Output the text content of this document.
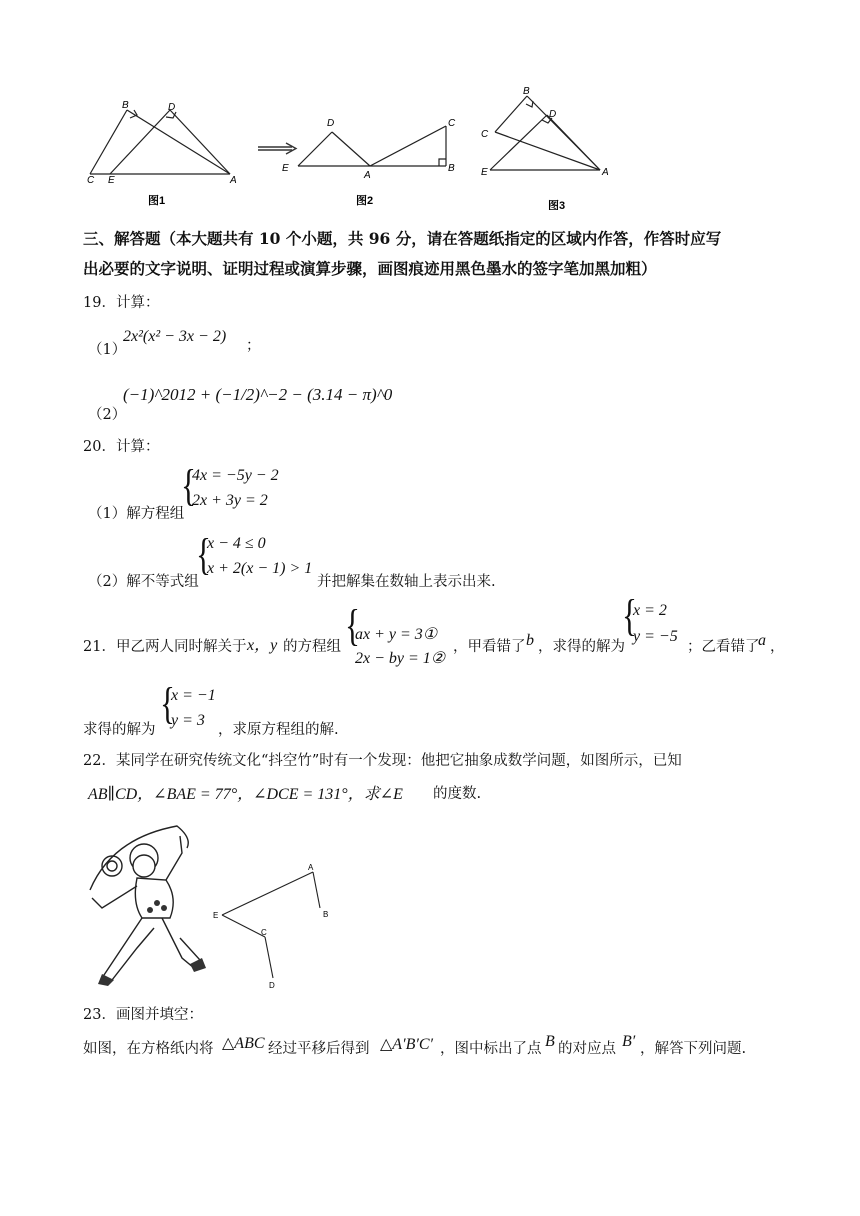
B	D
C E	A
图1
D	C
E
A
B
图2
B
D
C
E	A
图3
三、解答题（本大题共有 10 个小题，共 96 分，请在答题纸指定的区域内作答，作答时应写
出必要的文字说明、证明过程或演算步骤，画图痕迹用黑色墨水的签字笔加黑加粗）
19．计算：
（1）
2x²(x² − 3x − 2)
；
（2）
(−1)^2012 + (−1/2)^−2 − (3.14 − π)^0
20．计算：
（1）解方程组
{
4x = −5y − 2
2x + 3y = 2
（2）解不等式组
{
x − 4 ≤ 0
x + 2(x − 1) > 1
并把解集在数轴上表示出来.
21．甲乙两人同时解关于 x，y 的方程组 {
ax + y = 3①
2x − by = 1②
，甲看错了 b ，求得的解为
{
x = 2
y = −5
；乙看错了
a ，
求得的解为
{
x = −1
y = 3
，求原方程组的解.
22．某同学在研究传统文化“抖空竹”时有一个发现：他把它抽象成数学问题，如图所示，已知
AB∥CD，∠BAE = 77°，∠DCE = 131°，求∠E 的度数.
A
B
E
C
D
23．画图并填空：
如图，在方格纸内将 △ABC 经过平移后得到 △A′B′C′ ，图中标出了点 B 的对应点 B′ ，解答下列问题.
